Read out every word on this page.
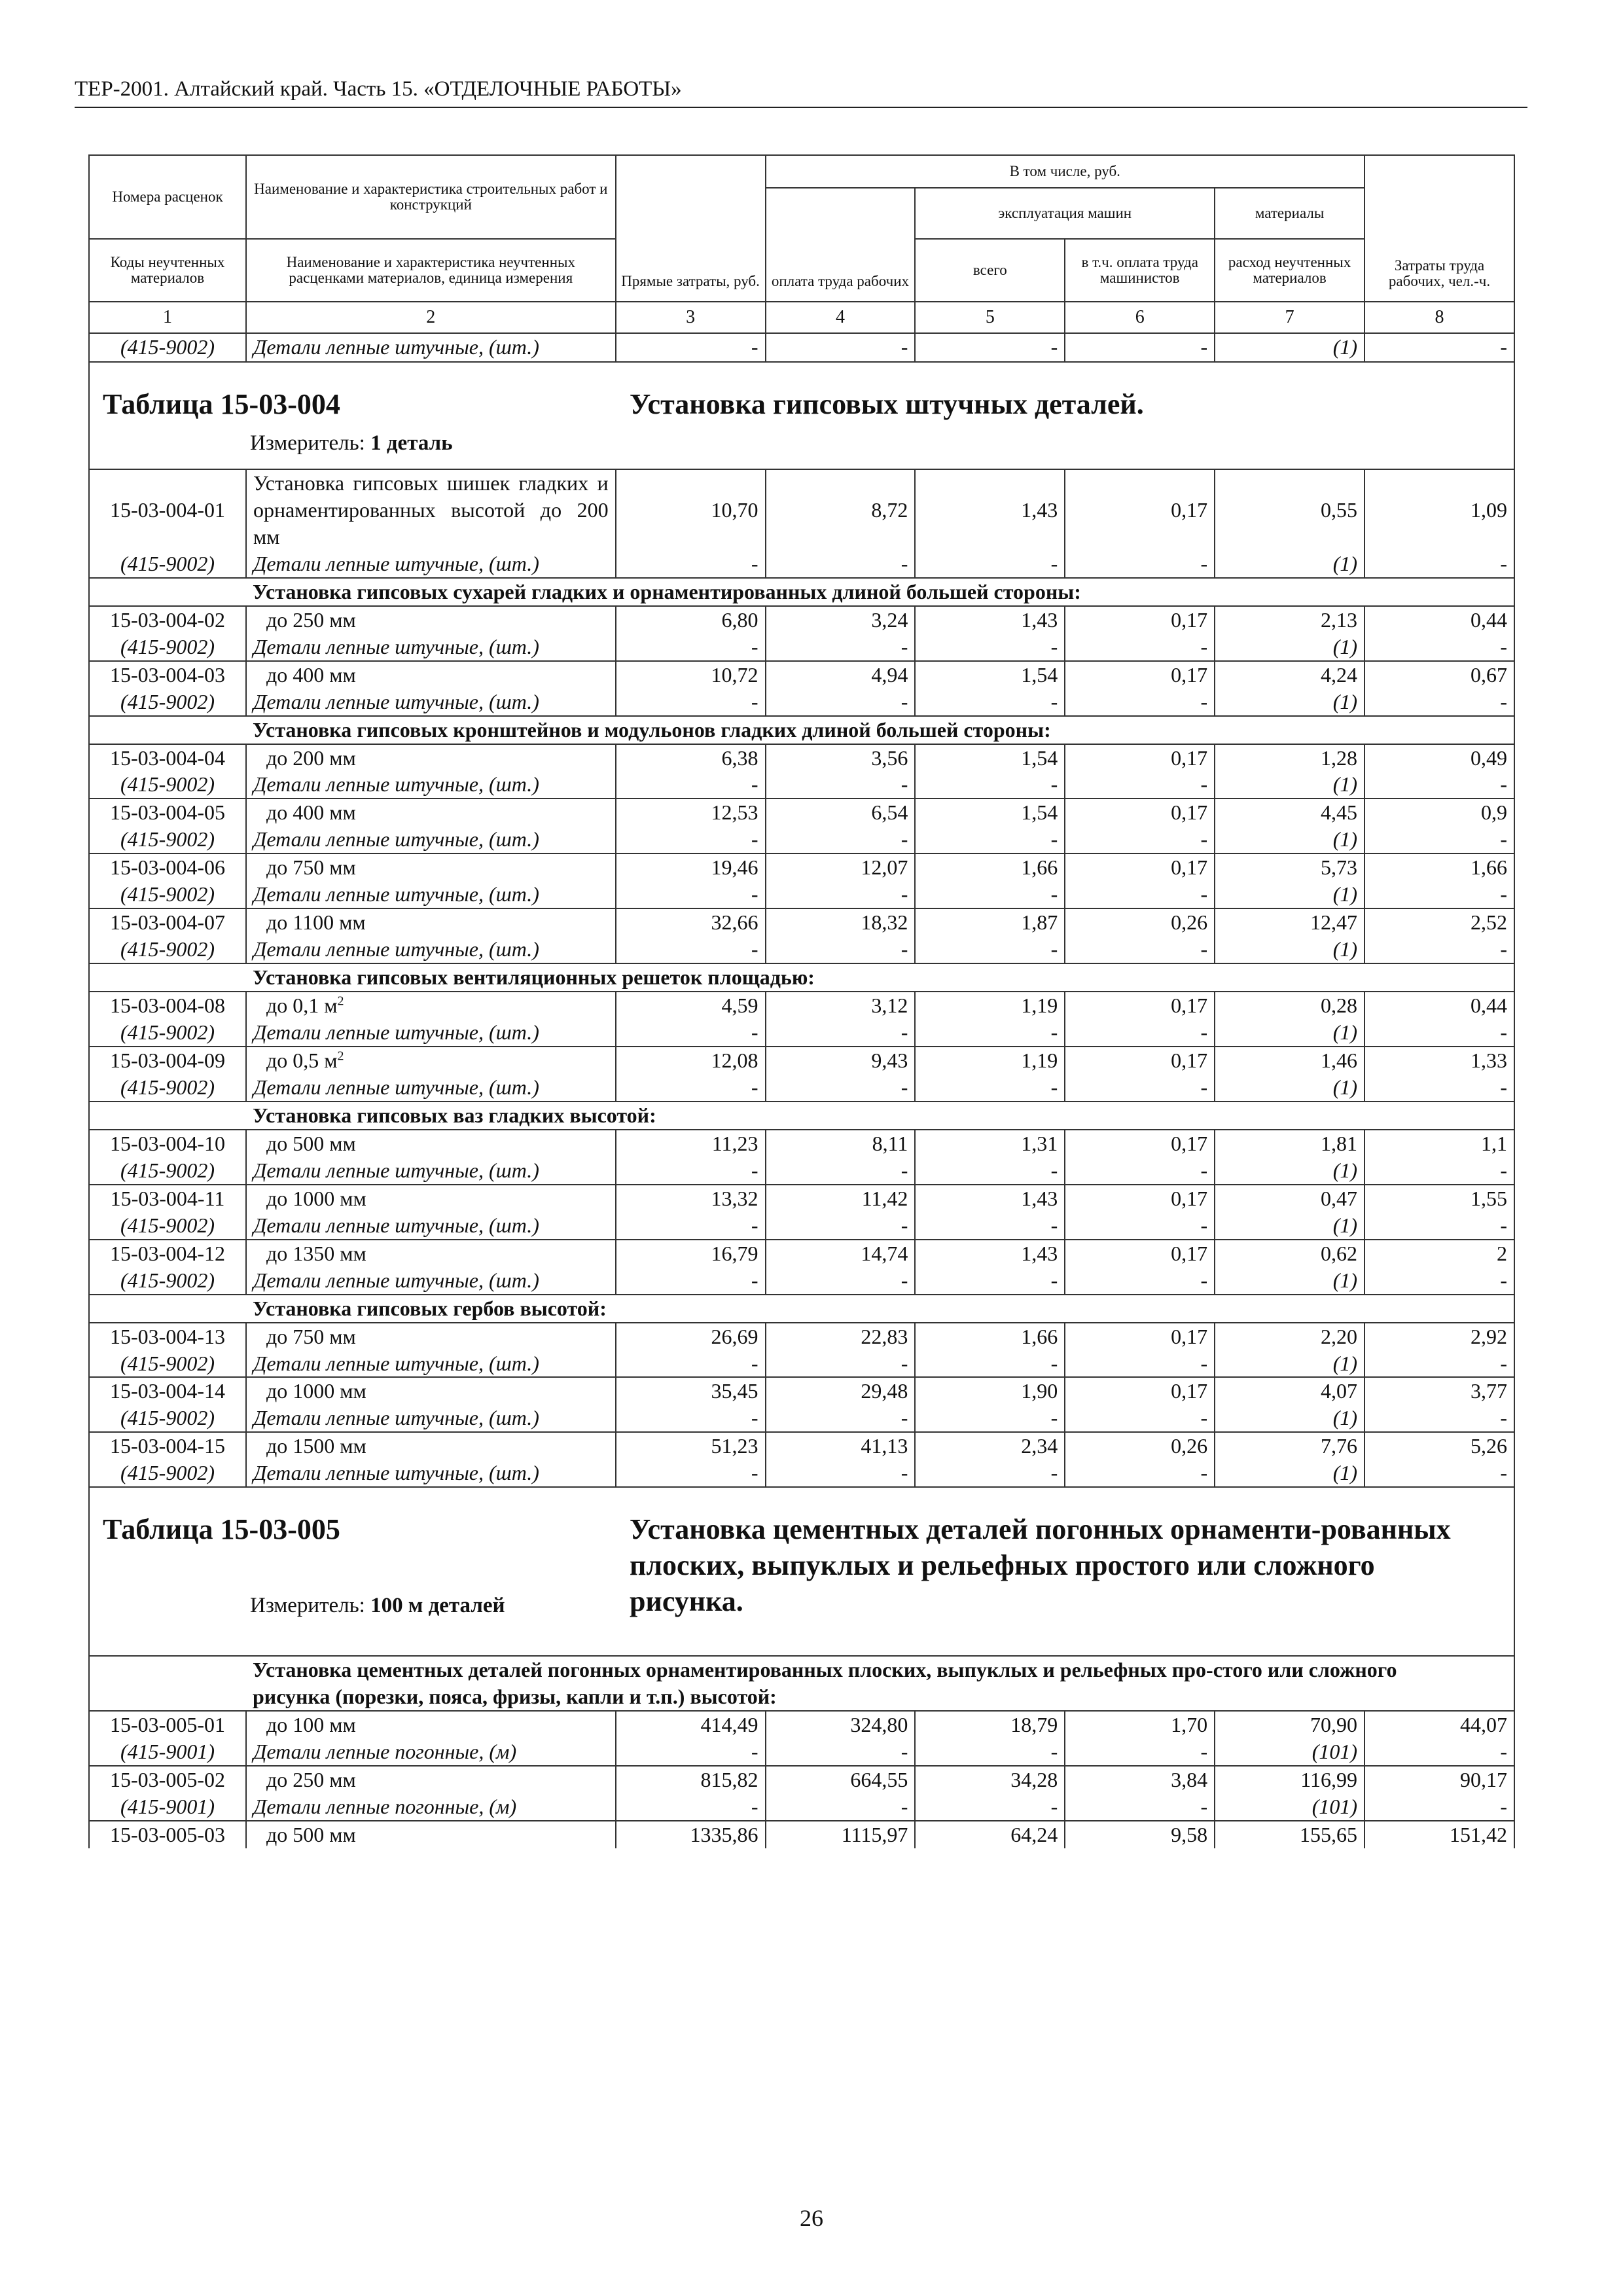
ТЕР-2001. Алтайский край. Часть 15. «ОТДЕЛОЧНЫЕ РАБОТЫ»
Номера расценок	Наименование и характеристика строительных работ и конструкций	Прямые затраты, руб.	В том числе, руб.				Затраты труда рабочих, чел.-ч.
			оплата труда рабочих	эксплуатация машин		материалы	
Коды неучтенных материалов	Наименование и характеристика неучтенных расценками материалов, единица измерения			всего	в т.ч. оплата труда машинистов	расход неучтенных материалов	
1	2	3	4	5	6	7	8
(415-9002)	Детали лепные штучные, (шт.)	-	-	-	-	(1)	-

Таблица 15-03-004
Измеритель: 1 деталь
Установка гипсовых штучных деталей.							

15-03-004-01	Установка гипсовых шишек гладких и орнаментированных высотой до 200 мм	10,70	8,72	1,43	0,17	0,55	1,09
(415-9002)	Детали лепные штучные, (шт.)	-	-	-	-	(1)	-
	Установка гипсовых сухарей гладких и орнаментированных длиной большей стороны:						
15-03-004-02	до 250 мм	6,80	3,24	1,43	0,17	2,13	0,44
(415-9002)	Детали лепные штучные, (шт.)	-	-	-	-	(1)	-
15-03-004-03	до 400 мм	10,72	4,94	1,54	0,17	4,24	0,67
(415-9002)	Детали лепные штучные, (шт.)	-	-	-	-	(1)	-
	Установка гипсовых кронштейнов и модульонов гладких длиной большей стороны:						
15-03-004-04	до 200 мм	6,38	3,56	1,54	0,17	1,28	0,49
(415-9002)	Детали лепные штучные, (шт.)	-	-	-	-	(1)	-
15-03-004-05	до 400 мм	12,53	6,54	1,54	0,17	4,45	0,9
(415-9002)	Детали лепные штучные, (шт.)	-	-	-	-	(1)	-
15-03-004-06	до 750 мм	19,46	12,07	1,66	0,17	5,73	1,66
(415-9002)	Детали лепные штучные, (шт.)	-	-	-	-	(1)	-
15-03-004-07	до 1100 мм	32,66	18,32	1,87	0,26	12,47	2,52
(415-9002)	Детали лепные штучные, (шт.)	-	-	-	-	(1)	-
	Установка гипсовых вентиляционных решеток площадью:						
15-03-004-08	до 0,1 $м^2$	4,59	3,12	1,19	0,17	0,28	0,44
(415-9002)	Детали лепные штучные, (шт.)	-	-	-	-	(1)	-
15-03-004-09	до 0,5 $м^2$	12,08	9,43	1,19	0,17	1,46	1,33
(415-9002)	Детали лепные штучные, (шт.)	-	-	-	-	(1)	-
	Установка гипсовых ваз гладких высотой:						
15-03-004-10	до 500 мм	11,23	8,11	1,31	0,17	1,81	1,1
(415-9002)	Детали лепные штучные, (шт.)	-	-	-	-	(1)	-
15-03-004-11	до 1000 мм	13,32	11,42	1,43	0,17	0,47	1,55
(415-9002)	Детали лепные штучные, (шт.)	-	-	-	-	(1)	-
15-03-004-12	до 1350 мм	16,79	14,74	1,43	0,17	0,62	2
(415-9002)	Детали лепные штучные, (шт.)	-	-	-	-	(1)	-
	Установка гипсовых гербов высотой:						
15-03-004-13	до 750 мм	26,69	22,83	1,66	0,17	2,20	2,92
(415-9002)	Детали лепные штучные, (шт.)	-	-	-	-	(1)	-
15-03-004-14	до 1000 мм	35,45	29,48	1,90	0,17	4,07	3,77
(415-9002)	Детали лепные штучные, (шт.)	-	-	-	-	(1)	-
15-03-004-15	до 1500 мм	51,23	41,13	2,34	0,26	7,76	5,26
(415-9002)	Детали лепные штучные, (шт.)	-	-	-	-	(1)	-

Таблица 15-03-005
Измеритель: 100 м деталей
Установка цементных деталей погонных орнаменти-рованных плоских, выпуклых и рельефных простого или сложного рисунка.							

	Установка цементных деталей погонных орнаментированных плоских, выпуклых и рельефных про-стого или сложного рисунка (порезки, пояса, фризы, капли и т.п.) высотой:						
15-03-005-01	до 100 мм	414,49	324,80	18,79	1,70	70,90	44,07
(415-9001)	Детали лепные погонные, (м)	-	-	-	-	(101)	-
15-03-005-02	до 250 мм	815,82	664,55	34,28	3,84	116,99	90,17
(415-9001)	Детали лепные погонные, (м)	-	-	-	-	(101)	-
15-03-005-03	до 500 мм	1335,86	1115,97	64,24	9,58	155,65	151,42
26
